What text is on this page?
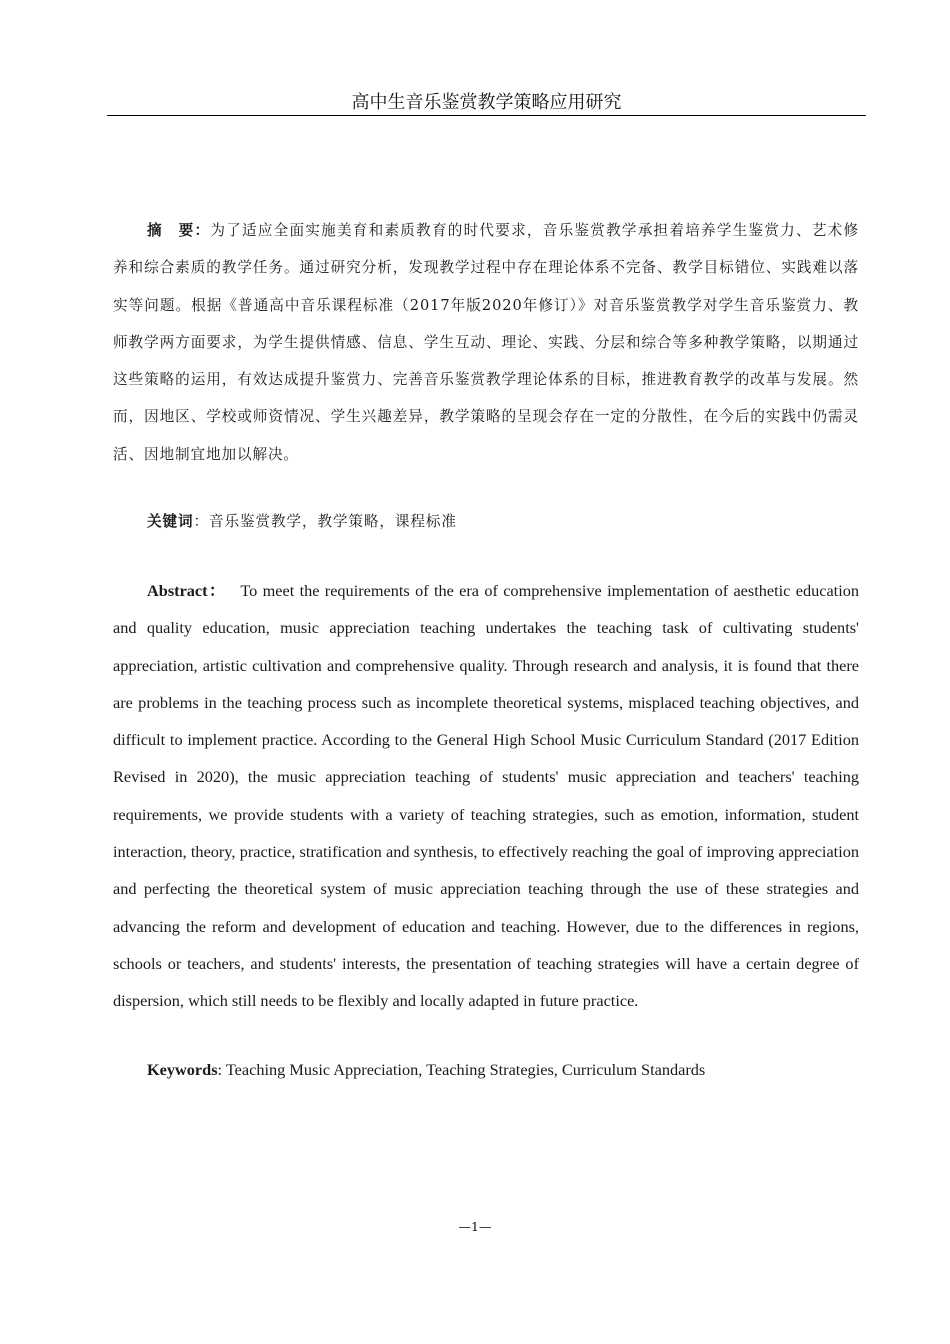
高中生音乐鉴赏教学策略应用研究
摘　要：为了适应全面实施美育和素质教育的时代要求，音乐鉴赏教学承担着培养学生鉴赏力、艺术修养和综合素质的教学任务。通过研究分析，发现教学过程中存在理论体系不完备、教学目标错位、实践难以落实等问题。根据《普通高中音乐课程标准（2017年版2020年修订）》对音乐鉴赏教学对学生音乐鉴赏力、教师教学两方面要求，为学生提供情感、信息、学生互动、理论、实践、分层和综合等多种教学策略，以期通过这些策略的运用，有效达成提升鉴赏力、完善音乐鉴赏教学理论体系的目标，推进教育教学的改革与发展。然而，因地区、学校或师资情况、学生兴趣差异，教学策略的呈现会存在一定的分散性，在今后的实践中仍需灵活、因地制宜地加以解决。
关键词：音乐鉴赏教学，教学策略，课程标准
Abstract： To meet the requirements of the era of comprehensive implementation of aesthetic education and quality education, music appreciation teaching undertakes the teaching task of cultivating students' appreciation, artistic cultivation and comprehensive quality. Through research and analysis, it is found that there are problems in the teaching process such as incomplete theoretical systems, misplaced teaching objectives, and difficult to implement practice. According to the General High School Music Curriculum Standard (2017 Edition Revised in 2020), the music appreciation teaching of students' music appreciation and teachers' teaching requirements, we provide students with a variety of teaching strategies, such as emotion, information, student interaction, theory, practice, stratification and synthesis, to effectively reaching the goal of improving appreciation and perfecting the theoretical system of music appreciation teaching through the use of these strategies and advancing the reform and development of education and teaching. However, due to the differences in regions, schools or teachers, and students' interests, the presentation of teaching strategies will have a certain degree of dispersion, which still needs to be flexibly and locally adapted in future practice.
Keywords: Teaching Music Appreciation, Teaching Strategies, Curriculum Standards
—1—
